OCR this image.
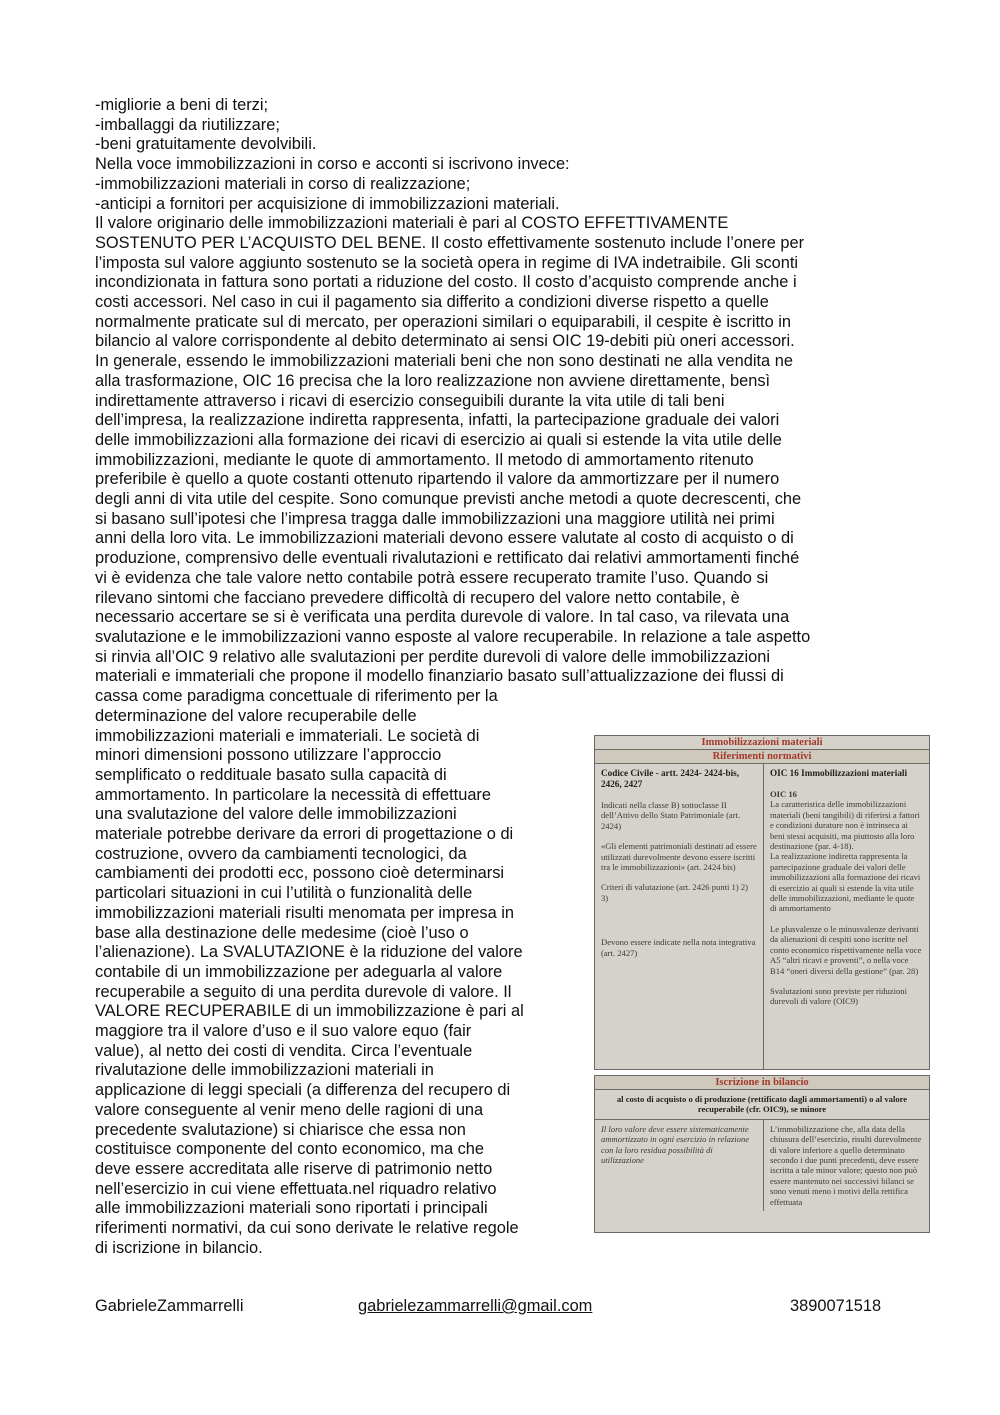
-migliorie a beni di terzi;

-imballaggi da riutilizzare;

-beni gratuitamente devolvibili.

Nella voce immobilizzazioni in corso e acconti si iscrivono invece:

-immobilizzazioni materiali in corso di realizzazione;

-anticipi a fornitori per acquisizione di immobilizzazioni materiali.

Il valore originario delle immobilizzazioni materiali è pari al COSTO EFFETTIVAMENTE

SOSTENUTO PER L’ACQUISTO DEL BENE. Il costo effettivamente sostenuto include l’onere per

l’imposta sul valore aggiunto sostenuto se la società opera in regime di IVA indetraibile. Gli sconti

incondizionata in fattura sono portati a riduzione del costo. Il costo d’acquisto comprende anche i

costi accessori. Nel caso in cui il pagamento sia differito a condizioni diverse rispetto a quelle

normalmente praticate sul di mercato, per operazioni similari o equiparabili, il cespite è iscritto in

bilancio al valore corrispondente al debito determinato ai sensi OIC 19-debiti più oneri accessori.

In generale, essendo le immobilizzazioni materiali beni che non sono destinati ne alla vendita ne

alla trasformazione, OIC 16 precisa che la loro realizzazione non avviene direttamente, bensì

indirettamente attraverso i ricavi di esercizio conseguibili durante la vita utile di tali beni

dell’impresa, la realizzazione indiretta rappresenta, infatti, la partecipazione graduale dei valori

delle immobilizzazioni alla formazione dei ricavi di esercizio ai quali si estende la vita utile delle

immobilizzazioni, mediante le quote di ammortamento. Il metodo di ammortamento ritenuto

preferibile è quello a quote costanti ottenuto ripartendo il valore da ammortizzare per il numero

degli anni di vita utile del cespite. Sono comunque previsti anche metodi a quote decrescenti, che

si basano sull’ipotesi che l’impresa tragga dalle immobilizzazioni una maggiore utilità nei primi

anni della loro vita. Le immobilizzazioni materiali devono essere valutate al costo di acquisto o di

produzione, comprensivo delle eventuali rivalutazioni e rettificato dai relativi ammortamenti finché

vi è evidenza che tale valore netto contabile potrà essere recuperato tramite l’uso. Quando si

rilevano sintomi che facciano prevedere difficoltà di recupero del valore netto contabile, è

necessario accertare se si è verificata una perdita durevole di valore. In tal caso, va rilevata una

svalutazione e le immobilizzazioni vanno esposte al valore recuperabile. In relazione a tale aspetto

si rinvia all’OIC 9 relativo alle svalutazioni per perdite durevoli di valore delle immobilizzazioni

materiali e immateriali che propone il modello finanziario basato sull’attualizzazione dei flussi di

cassa come paradigma concettuale di riferimento per la

determinazione del valore recuperabile delle

immobilizzazioni materiali e immateriali. Le società di

minori dimensioni possono utilizzare l’approccio

semplificato o reddituale basato sulla capacità di

ammortamento. In particolare la necessità di effettuare

una svalutazione del valore delle immobilizzazioni

materiale potrebbe derivare da errori di progettazione o di

costruzione, ovvero da cambiamenti tecnologici, da

cambiamenti dei prodotti ecc, possono cioè determinarsi

particolari situazioni in cui l’utilità o funzionalità delle

immobilizzazioni materiali risulti menomata per impresa in

base alla destinazione delle medesime (cioè l’uso o

l’alienazione). La SVALUTAZIONE è la riduzione del valore

contabile di un immobilizzazione per adeguarla al valore

recuperabile a seguito di una perdita durevole di valore. Il

VALORE RECUPERABILE di un immobilizzazione è pari al

maggiore tra il valore d’uso e il suo valore equo (fair

value), al netto dei costi di vendita. Circa l’eventuale

rivalutazione delle immobilizzazioni materiali in

applicazione di leggi speciali (a differenza del recupero di

valore conseguente al venir meno delle ragioni di una

precedente svalutazione) si chiarisce che essa non

costituisce componente del conto economico, ma che

deve essere accreditata alle riserve di patrimonio netto

nell’esercizio in cui viene effettuata.nel riquadro relativo

alle immobilizzazioni materiali sono riportati i principali

riferimenti normativi, da cui sono derivate le relative regole

di iscrizione in bilancio.

Immobilizzazioni materiali
Riferimenti normativi
Codice Civile - artt. 2424- 2424-bis, 2426, 2427
Indicati nella classe B) sottoclasse II dell’Attivo dello Stato Patrimoniale (art. 2424)
«Gli elementi patrimoniali destinati ad essere utilizzati durevolmente devono essere iscritti tra le immobilizzazioni» (art. 2424 bis)
Criteri di valutazione (art. 2426 punti 1) 2) 3)
Devono essere indicate nella nota integrativa (art. 2427)
OIC 16 Immobilizzazioni materiali
OIC 16
La caratteristica delle immobilizzazioni materiali (beni tangibili) di riferirsi a fattori e condizioni durature non è intrinseca ai beni stessi acquisiti, ma piuttosto alla loro destinazione (par. 4-18).
La realizzazione indiretta rappresenta la partecipazione graduale dei valori delle immobilizzazioni alla formazione dei ricavi di esercizio ai quali si estende la vita utile delle immobilizzazioni, mediante le quote di ammortamento
Le plusvalenze o le minusvalenze derivanti da alienazioni di cespiti sono iscritte nel conto economico rispettivamente nella voce A5 “altri ricavi e proventi”, o nella voce B14 “oneri diversi della gestione” (par. 28)
Svalutazioni sono previste per riduzioni durevoli di valore (OIC9)
Iscrizione in bilancio
al costo di acquisto o di produzione (rettificato dagli ammortamenti) o al valore recuperabile (cfr. OIC9), se minore
Il loro valore deve essere sistematicamente ammortizzato in ogni esercizio in relazione con la loro residua possibilità di utilizzazione
L’immobilizzazione che, alla data della chiusura dell’esercizio, risulti durevolmente di valore inferiore a quello determinato secondo i due punti precedenti, deve essere iscritta a tale minor valore; questo non può essere mantenuto nei successivi bilanci se sono venuti meno i motivi della rettifica effettuata
GabrieleZammarrelli	gabrielezammarrelli@gmail.com	3890071518
